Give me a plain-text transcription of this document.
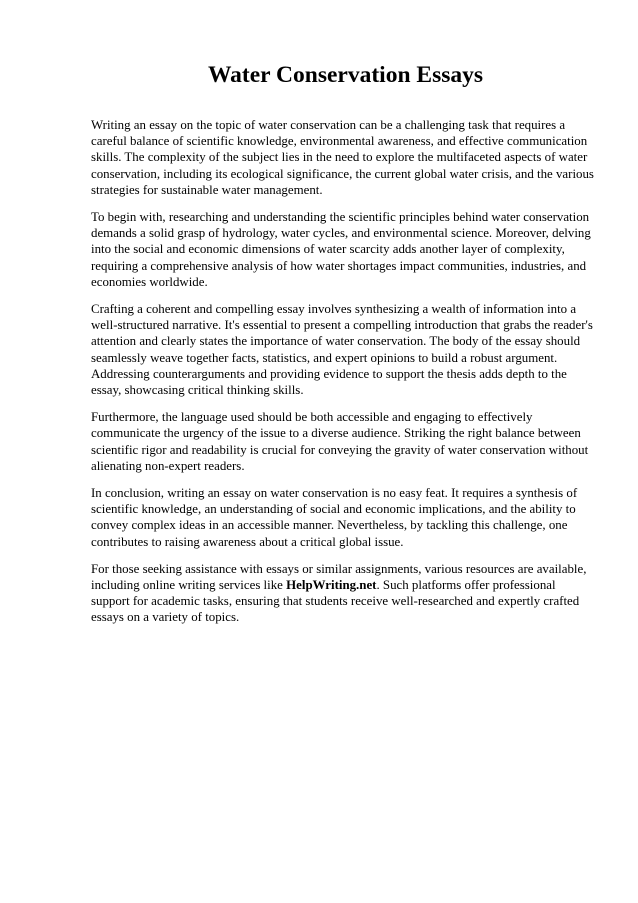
Water Conservation Essays

Writing an essay on the topic of water conservation can be a challenging task that requires a careful balance of scientific knowledge, environmental awareness, and effective communication skills. The complexity of the subject lies in the need to explore the multifaceted aspects of water conservation, including its ecological significance, the current global water crisis, and the various strategies for sustainable water management.

To begin with, researching and understanding the scientific principles behind water conservation demands a solid grasp of hydrology, water cycles, and environmental science. Moreover, delving into the social and economic dimensions of water scarcity adds another layer of complexity, requiring a comprehensive analysis of how water shortages impact communities, industries, and economies worldwide.

Crafting a coherent and compelling essay involves synthesizing a wealth of information into a well-structured narrative. It's essential to present a compelling introduction that grabs the reader's attention and clearly states the importance of water conservation. The body of the essay should seamlessly weave together facts, statistics, and expert opinions to build a robust argument. Addressing counterarguments and providing evidence to support the thesis adds depth to the essay, showcasing critical thinking skills.

Furthermore, the language used should be both accessible and engaging to effectively communicate the urgency of the issue to a diverse audience. Striking the right balance between scientific rigor and readability is crucial for conveying the gravity of water conservation without alienating non-expert readers.

In conclusion, writing an essay on water conservation is no easy feat. It requires a synthesis of scientific knowledge, an understanding of social and economic implications, and the ability to convey complex ideas in an accessible manner. Nevertheless, by tackling this challenge, one contributes to raising awareness about a critical global issue.

For those seeking assistance with essays or similar assignments, various resources are available, including online writing services like HelpWriting.net. Such platforms offer professional support for academic tasks, ensuring that students receive well-researched and expertly crafted essays on a variety of topics.
